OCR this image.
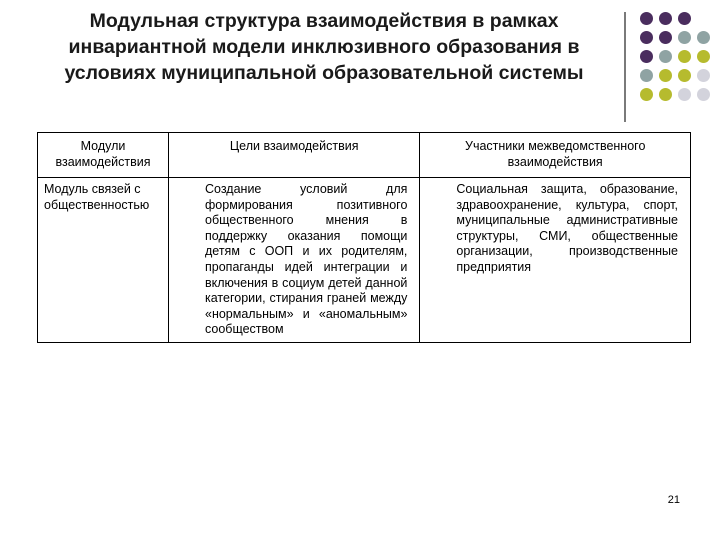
Модульная структура взаимодействия в рамках инвариантной модели инклюзивного образования в условиях муниципальной образовательной системы
Модули взаимодействия	Цели взаимодействия	Участники межведомственного взаимодействия
Модуль связей с общественностью	Создание условий для формирования позитивного общественного мнения в поддержку оказания помощи детям с ООП и их родителям, пропаганды идей интеграции и включения в социум детей данной категории, стирания граней между «нормальным» и «аномальным» сообществом	Социальная защита, образование, здравоохранение, культура, спорт, муниципальные административные структуры, СМИ, общественные организации, производственные предприятия
21
